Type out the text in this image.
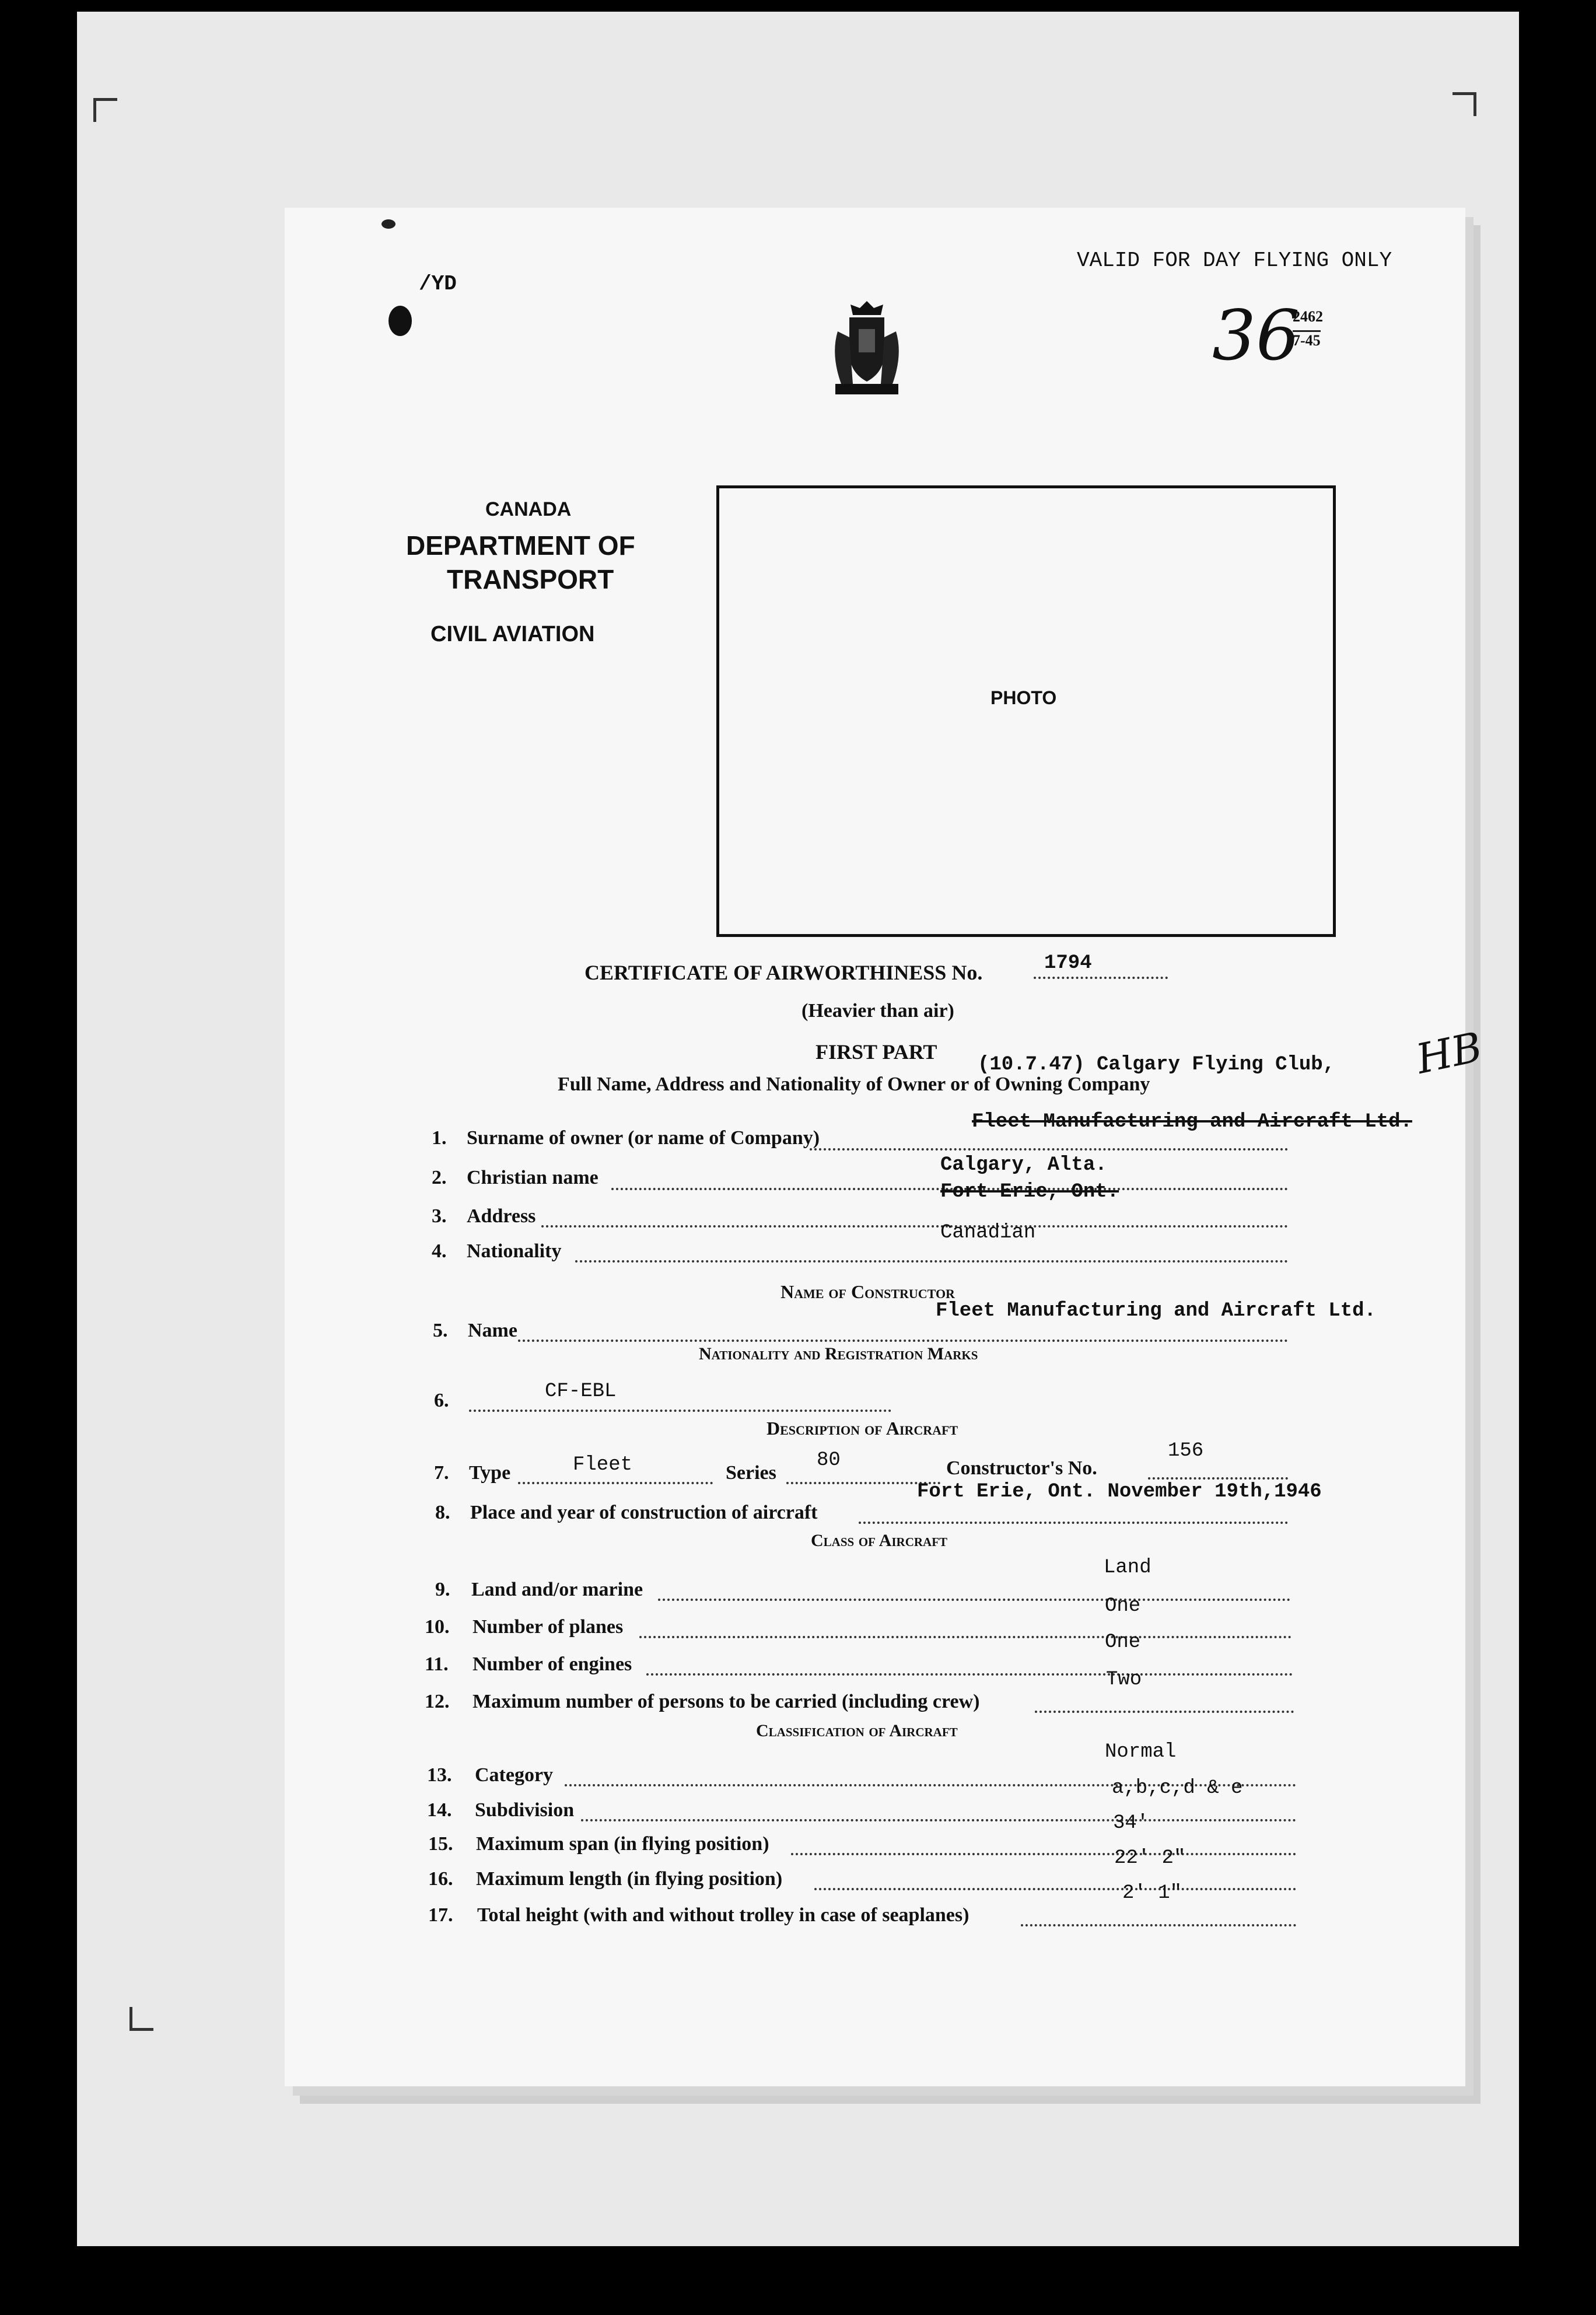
/YD
VALID FOR DAY FLYING ONLY
36
2462
7-45
CANADA
DEPARTMENT OF
TRANSPORT
CIVIL AVIATION
PHOTO
CERTIFICATE OF AIRWORTHINESS No.	1794
(Heavier than air)
FIRST PART
(10.7.47) Calgary Flying Club, HB
Full Name, Address and Nationality of Owner or of Owning Company
1. Surname of owner (or name of Company)
Fleet Manufacturing and Aircraft Ltd.
2. Christian name
Calgary, Alta.
3. Address
Fort Erie, Ont.
4. Nationality
Canadian
Name of Constructor
5. Name
Fleet Manufacturing and Aircraft Ltd.
Nationality and Registration Marks
6.	CF-EBL
Description of Aircraft
7. Type	Fleet	Series
80	Constructor's No.
156
8. Place and year of construction of aircraft
Fort Erie, Ont. November 19th,1946
Class of Aircraft
9. Land and/or marine
Land
10. Number of planes
One
11. Number of engines
One
12. Maximum number of persons to be carried (including crew)
Two
Classification of Aircraft
13. Category
Normal
14. Subdivision
a,b,c,d & e
15. Maximum span (in flying position)
34'
16. Maximum length (in flying position)
22' 2"
17. Total height (with and without trolley in case of seaplanes)
2' 1"
